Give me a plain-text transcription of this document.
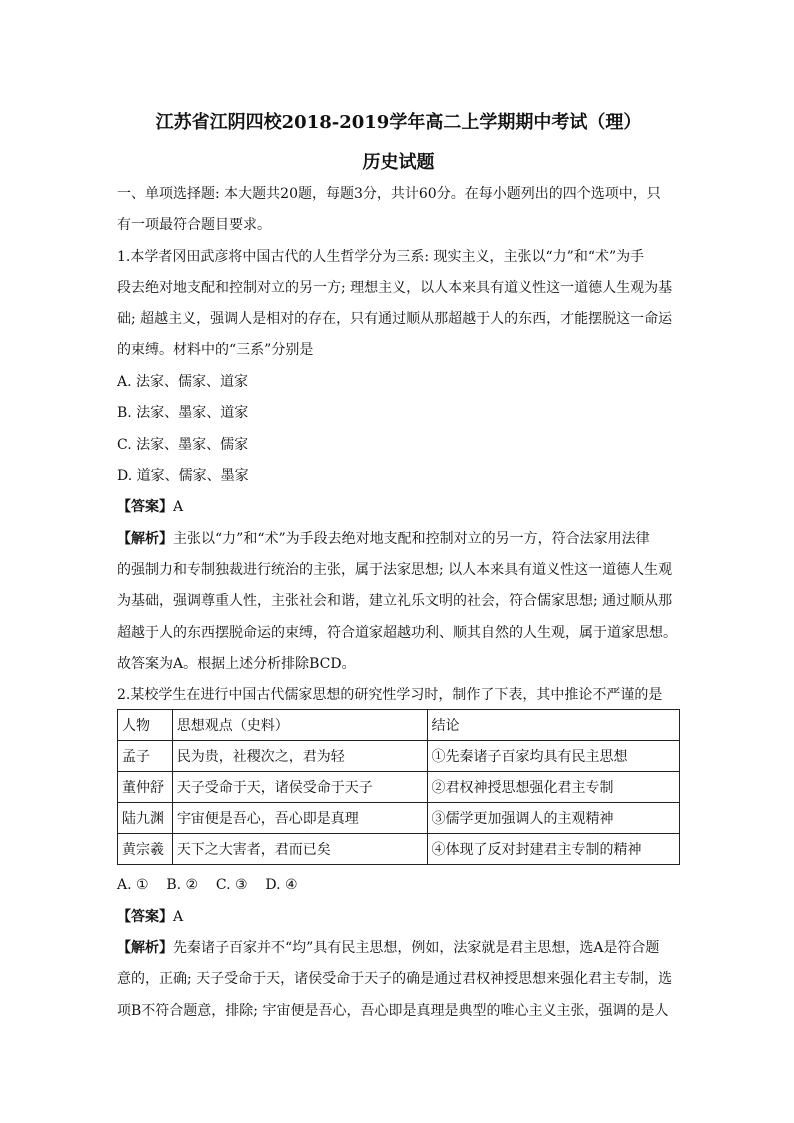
江苏省江阴四校2018-2019学年高二上学期期中考试（理）
历史试题
一、单项选择题: 本大题共20题，每题3分，共计60分。在每小题列出的四个选项中，只
有一项最符合题目要求。
1.本学者冈田武彦将中国古代的人生哲学分为三系: 现实主义，主张以“力”和“术”为手
段去绝对地支配和控制对立的另一方; 理想主义，以人本来具有道义性这一道德人生观为基
础; 超越主义，强调人是相对的存在，只有通过顺从那超越于人的东西，才能摆脱这一命运
的束缚。材料中的“三系”分别是
A. 法家、儒家、道家
B. 法家、墨家、道家
C. 法家、墨家、儒家
D. 道家、儒家、墨家
【答案】A
【解析】主张以“力”和“术”为手段去绝对地支配和控制对立的另一方，符合法家用法律
的强制力和专制独裁进行统治的主张，属于法家思想; 以人本来具有道义性这一道德人生观
为基础，强调尊重人性，主张社会和谐，建立礼乐文明的社会，符合儒家思想; 通过顺从那
超越于人的东西摆脱命运的束缚，符合道家超越功利、顺其自然的人生观，属于道家思想。
故答案为A。根据上述分析排除BCD。
2.某校学生在进行中国古代儒家思想的研究性学习时，制作了下表，其中推论不严谨的是
人物	思想观点（史料）	结论
孟子	民为贵，社稷次之，君为轻	①先秦诸子百家均具有民主思想
董仲舒	天子受命于天，诸侯受命于天子	②君权神授思想强化君主专制
陆九渊	宇宙便是吾心，吾心即是真理	③儒学更加强调人的主观精神
黄宗羲	天下之大害者，君而已矣	④体现了反对封建君主专制的精神
A. ①    B. ②    C. ③    D. ④
【答案】A
【解析】先秦诸子百家并不“均”具有民主思想，例如，法家就是君主思想，选A是符合题
意的，正确; 天子受命于天，诸侯受命于天子的确是通过君权神授思想来强化君主专制，选
项B不符合题意，排除; 宇宙便是吾心，吾心即是真理是典型的唯心主义主张，强调的是人
